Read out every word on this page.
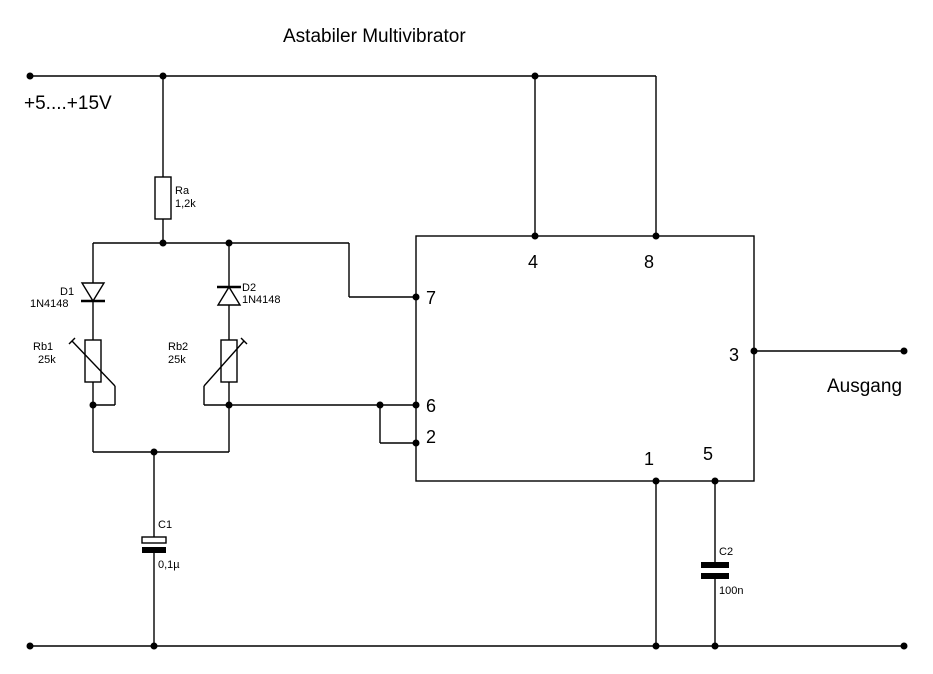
Astabiler Multivibrator
+5....+15V
Ra
1,2k
D1
1N4148
Rb1
25k
D2
1N4148
Rb2
25k
C1
0,1µ
7
6
2
4	8
3
1	5
Ausgang
C2
100n
